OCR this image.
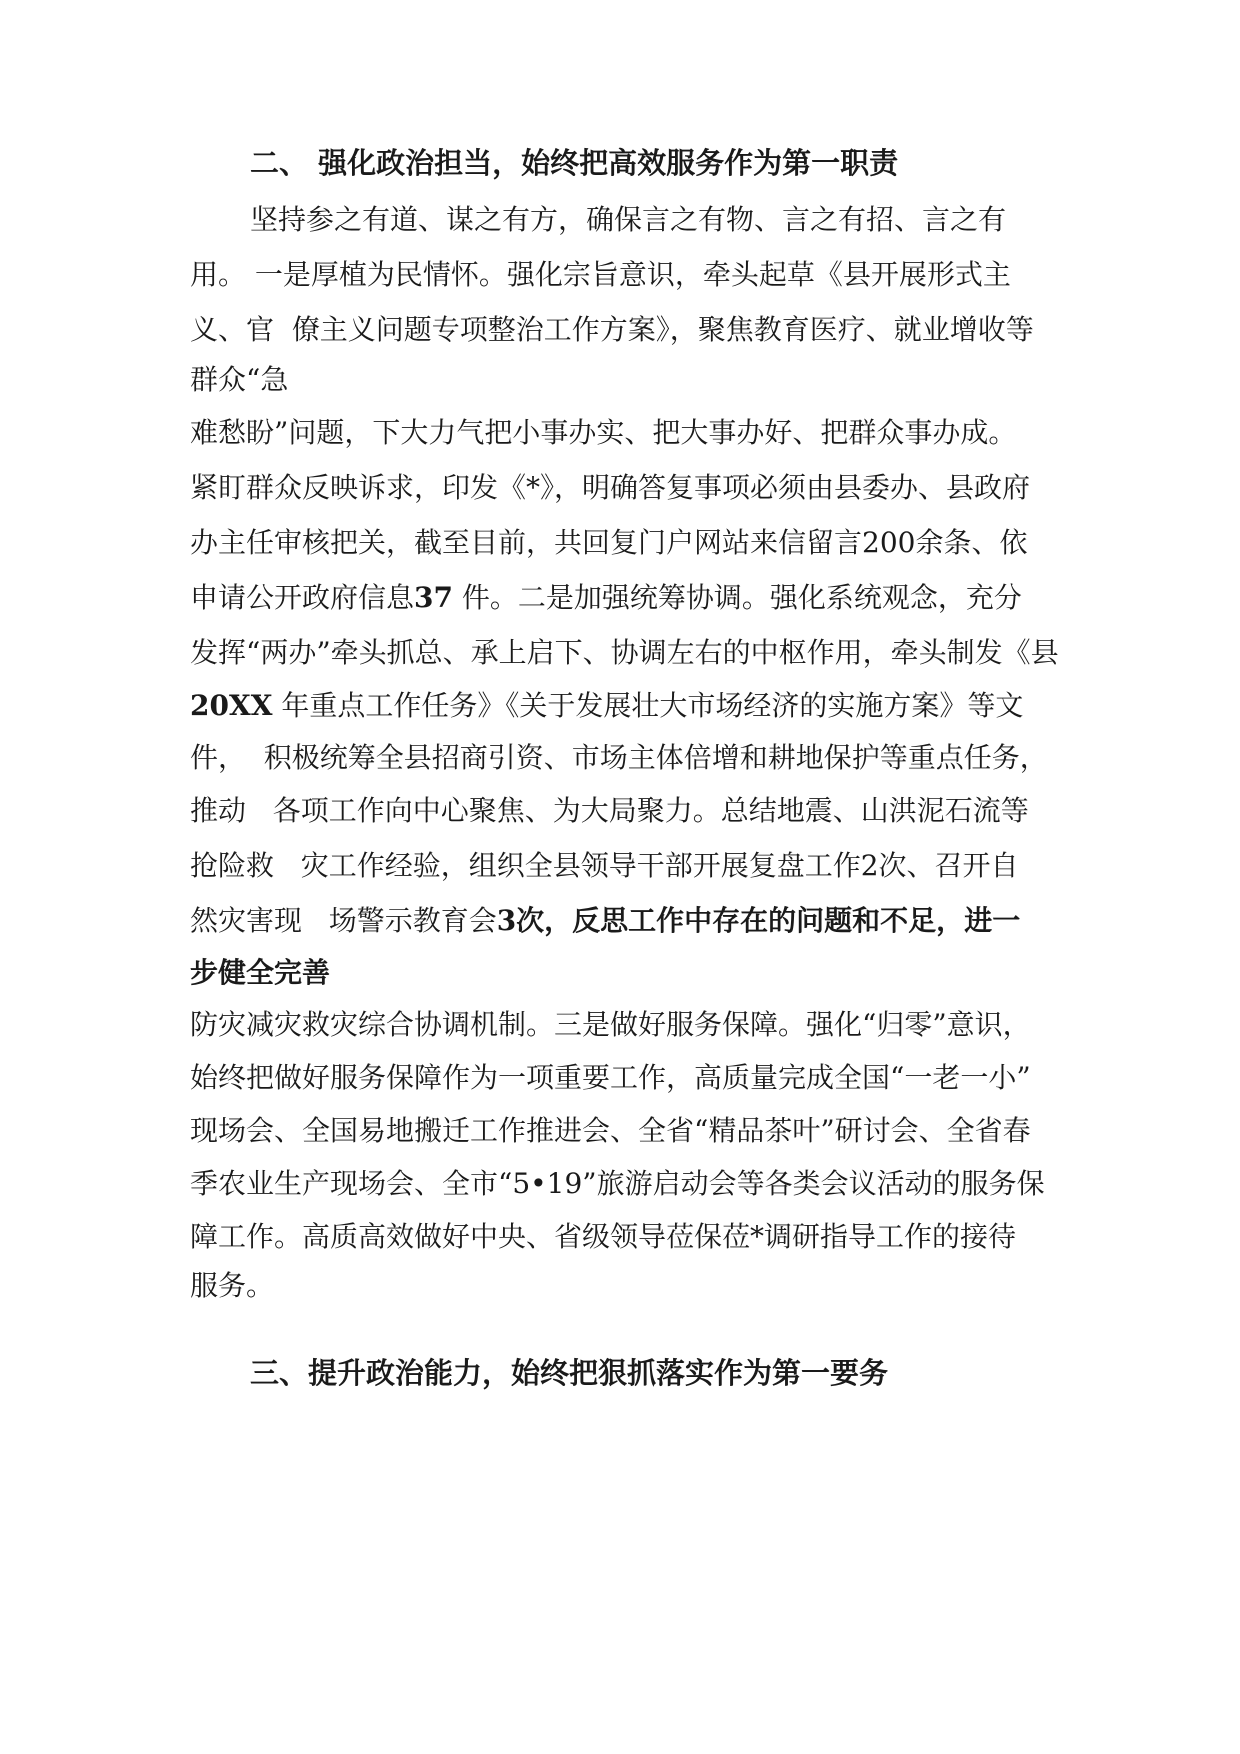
二、 强化政治担当，始终把高效服务作为第一职责
坚持参之有道、谋之有方，确保言之有物、言之有招、言之有
用。 一是厚植为民情怀。强化宗旨意识，牵头起草《县开展形式主
义、官  僚主义问题专项整治工作方案》，聚焦教育医疗、就业增收等
群众“急
难愁盼”问题，下大力气把小事办实、把大事办好、把群众事办成。
紧盯群众反映诉求，印发《*》，明确答复事项必须由县委办、县政府
办主任审核把关，截至目前，共回复门户网站来信留言200余条、依
申请公开政府信息37 件。二是加强统筹协调。强化系统观念，充分
发挥“两办”牵头抓总、承上启下、协调左右的中枢作用，牵头制发《县
20XX 年重点工作任务》《关于发展壮大市场经济的实施方案》等文
件，  积极统筹全县招商引资、市场主体倍增和耕地保护等重点任务，
推动   各项工作向中心聚焦、为大局聚力。总结地震、山洪泥石流等
抢险救   灾工作经验，组织全县领导干部开展复盘工作2次、召开自
然灾害现   场警示教育会3次，反思工作中存在的问题和不足，进一
步健全完善
防灾减灾救灾综合协调机制。三是做好服务保障。强化“归零”意识，
始终把做好服务保障作为一项重要工作，高质量完成全国“一老一小”
现场会、全国易地搬迁工作推进会、全省“精品茶叶”研讨会、全省春
季农业生产现场会、全市“5•19”旅游启动会等各类会议活动的服务保
障工作。高质高效做好中央、省级领导莅保莅*调研指导工作的接待
服务。
三、提升政治能力，始终把狠抓落实作为第一要务
